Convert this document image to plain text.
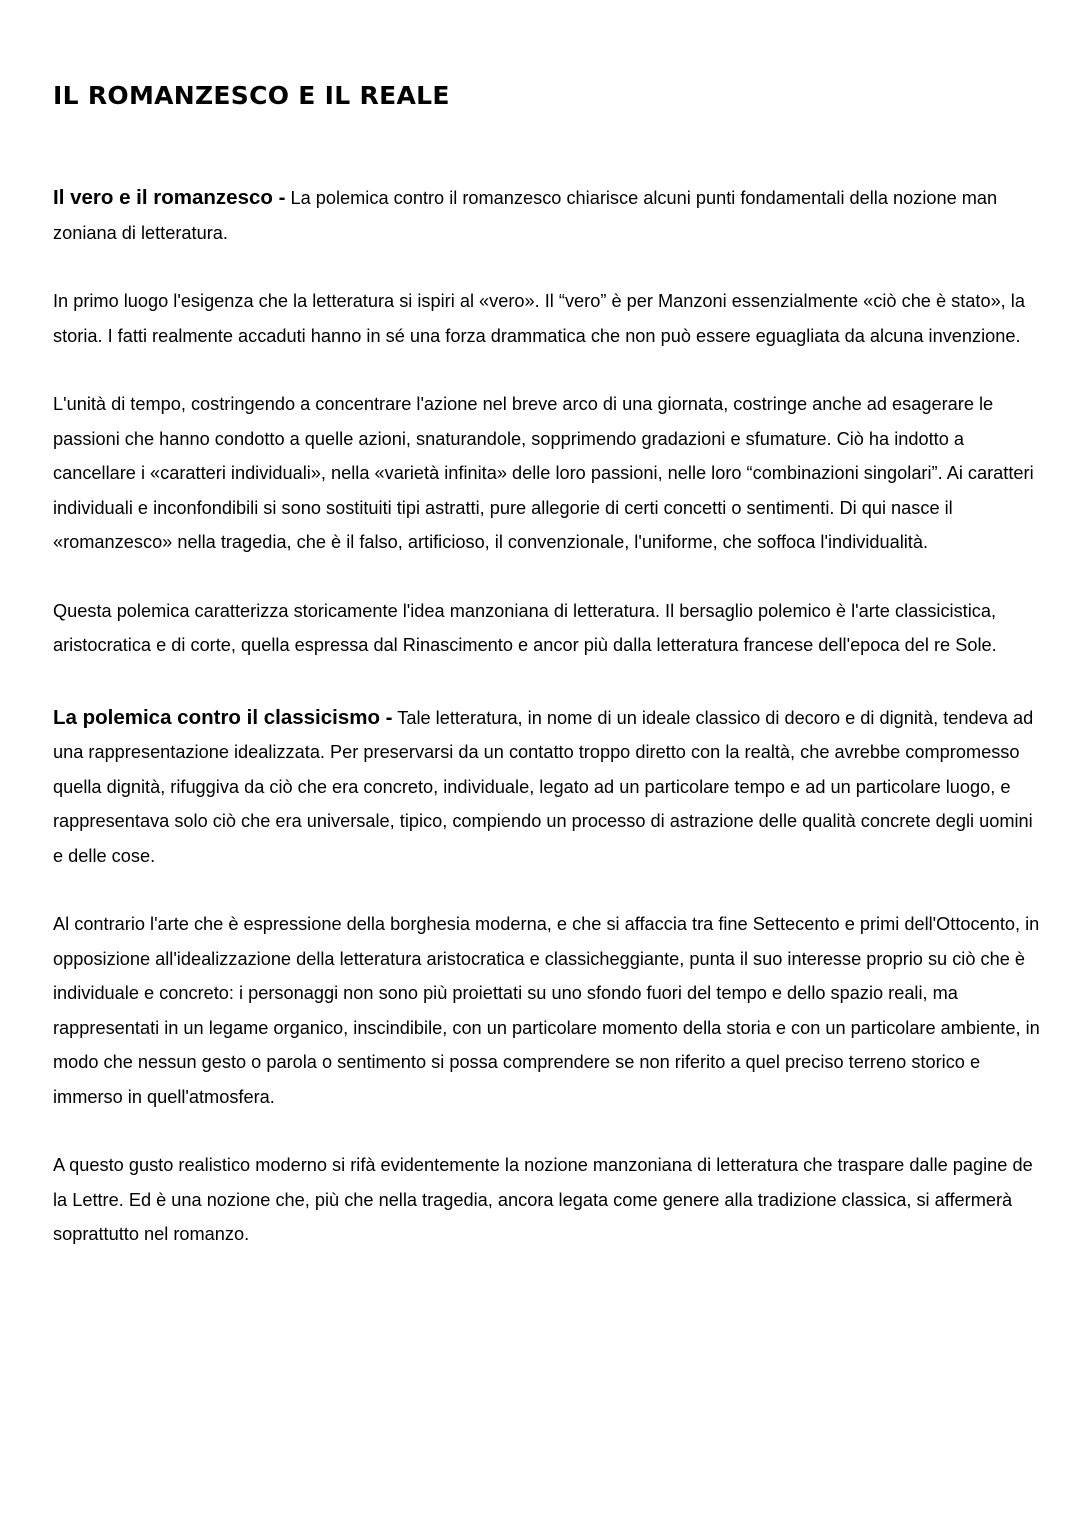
IL ROMANZESCO E IL REALE

Il vero e il romanzesco - La polemica contro il romanzesco chiarisce alcuni punti fondamentali della nozione man zoniana di letteratura.

In primo luogo l'esigenza che la letteratura si ispiri al «vero». Il “vero” è per Manzoni essenzialmente «ciò che è stato», la storia. I fatti realmente accaduti hanno in sé una forza drammatica che non può essere eguagliata da alcuna invenzione.

L'unità di tempo, costringendo a concentrare l'azione nel breve arco di una giornata, costringe anche ad esagerare le passioni che hanno condotto a quelle azioni, snaturandole, sopprimendo gradazioni e sfumature. Ciò ha indotto a cancellare i «caratteri individuali», nella «varietà infinita» delle loro passioni, nelle loro “combinazioni singolari”. Ai caratteri individuali e inconfondibili si sono sostituiti tipi astratti, pure allegorie di certi concetti o sentimenti. Di qui nasce il «romanzesco» nella tragedia, che è il falso, artificioso, il convenzionale, l'uniforme, che soffoca l'individualità.

Questa polemica caratterizza storicamente l'idea manzoniana di letteratura. Il bersaglio polemico è l'arte classicistica, aristocratica e di corte, quella espressa dal Rinascimento e ancor più dalla letteratura francese dell'epoca del re Sole.

La polemica contro il classicismo - Tale letteratura, in nome di un ideale classico di decoro e di dignità, tendeva ad una rappresentazione idealizzata. Per preservarsi da un contatto troppo diretto con la realtà, che avrebbe compromesso quella dignità, rifuggiva da ciò che era concreto, individuale, legato ad un particolare tempo e ad un particolare luogo, e rappresentava solo ciò che era universale, tipico, compiendo un processo di astrazione delle qualità concrete degli uomini e delle cose.

Al contrario l'arte che è espressione della borghesia moderna, e che si affaccia tra fine Settecento e primi dell'Ottocento, in opposizione all'idealizzazione della letteratura aristocratica e classicheggiante, punta il suo interesse proprio su ciò che è individuale e concreto: i personaggi non sono più proiettati su uno sfondo fuori del tempo e dello spazio reali, ma rappresentati in un legame organico, inscindibile, con un particolare momento della storia e con un particolare ambiente, in modo che nessun gesto o parola o sentimento si possa comprendere se non riferito a quel preciso terreno storico e immerso in quell'atmosfera.

A questo gusto realistico moderno si rifà evidentemente la nozione manzoniana di letteratura che traspare dalle pagine de la Lettre. Ed è una nozione che, più che nella tragedia, ancora legata come genere alla tradizione classica, si affermerà soprattutto nel romanzo.
